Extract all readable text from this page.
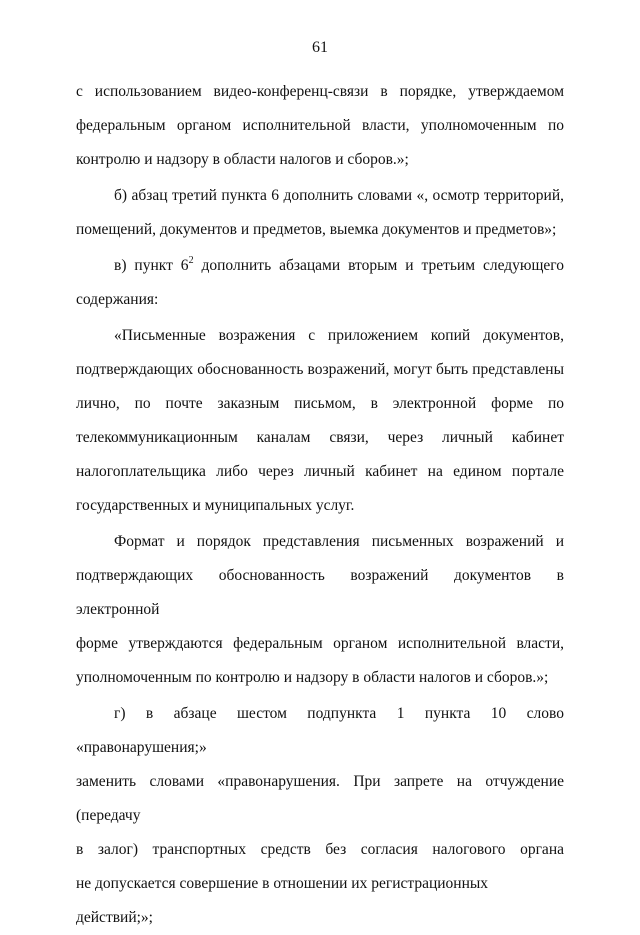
61

с использованием видео-конференц-связи в порядке, утверждаемом

федеральным органом исполнительной власти, уполномоченным по

контролю и надзору в области налогов и сборов.»;

б) абзац третий пункта 6 дополнить словами «, осмотр территорий,

помещений, документов и предметов, выемка документов и предметов»;

в) пункт $6^2$ дополнить абзацами вторым и третьим следующего

содержания:

«Письменные возражения с приложением копий документов,

подтверждающих обоснованность возражений, могут быть представлены

лично, по почте заказным письмом, в электронной форме по

телекоммуникационным каналам связи, через личный кабинет

налогоплательщика либо через личный кабинет на едином портале

государственных и муниципальных услуг.

Формат и порядок представления письменных возражений и

подтверждающих обоснованность возражений документов в электронной

форме утверждаются федеральным органом исполнительной власти,

уполномоченным по контролю и надзору в области налогов и сборов.»;

г) в абзаце шестом подпункта 1 пункта 10 слово «правонарушения;»

заменить словами «правонарушения. При запрете на отчуждение (передачу

в залог) транспортных средств без согласия налогового органа

не допускается совершение в отношении их регистрационных действий;»;
